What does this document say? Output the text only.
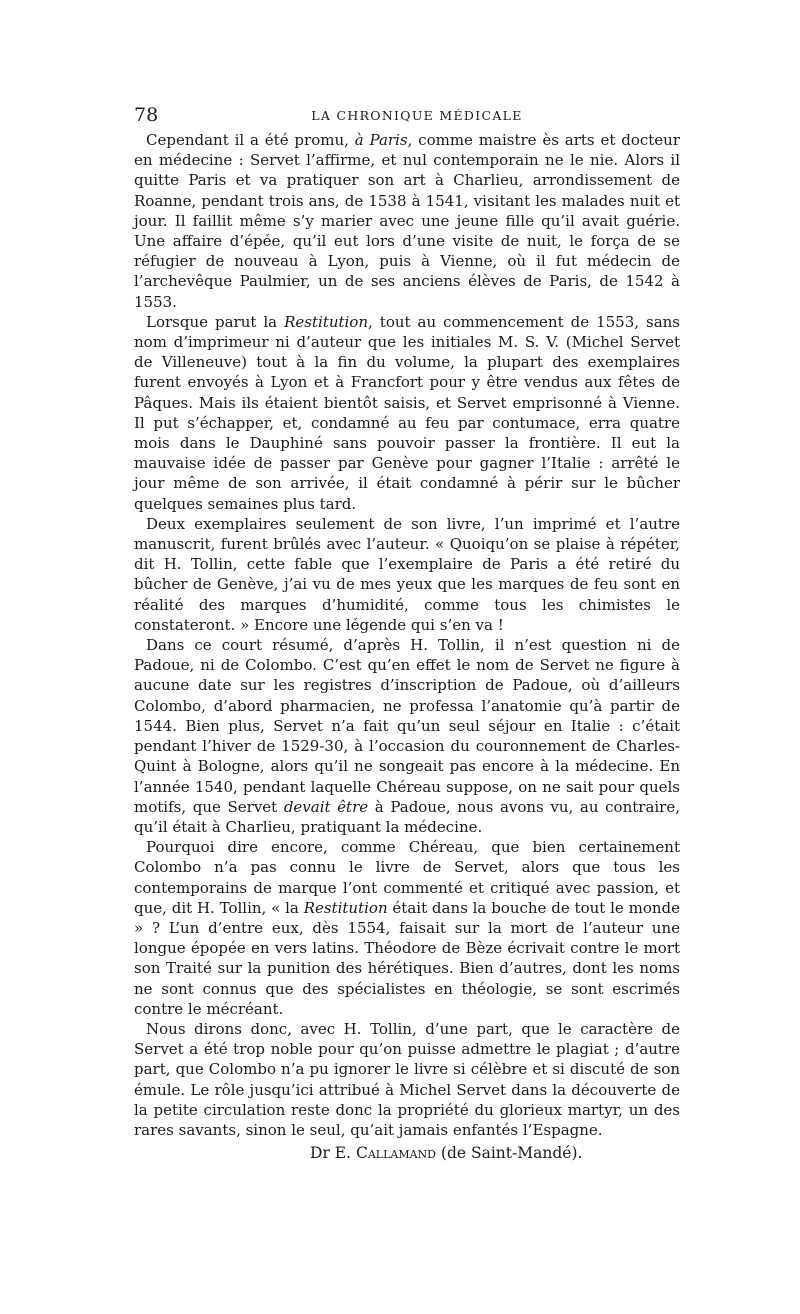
78	LA CHRONIQUE MÉDICALE

Cependant il a été promu, à Paris, comme maistre ès arts et docteur en médecine : Servet l’affirme, et nul contemporain ne le nie. Alors il quitte Paris et va pratiquer son art à Charlieu, arrondissement de Roanne, pendant trois ans, de 1538 à 1541, visitant les malades nuit et jour. Il faillit même s’y marier avec une jeune fille qu’il avait guérie. Une affaire d’épée, qu’il eut lors d’une visite de nuit, le força de se réfugier de nouveau à Lyon, puis à Vienne, où il fut médecin de l’archevêque Paulmier, un de ses anciens élèves de Paris, de 1542 à 1553.

Lorsque parut la Restitution, tout au commencement de 1553, sans nom d’imprimeur ni d’auteur que les initiales M. S. V. (Michel Servet de Villeneuve) tout à la fin du volume, la plupart des exemplaires furent envoyés à Lyon et à Francfort pour y être vendus aux fêtes de Pâques. Mais ils étaient bientôt saisis, et Servet emprisonné à Vienne. Il put s’échapper, et, condamné au feu par contumace, erra quatre mois dans le Dauphiné sans pouvoir passer la frontière. Il eut la mauvaise idée de passer par Genève pour gagner l’Italie : arrêté le jour même de son arrivée, il était condamné à périr sur le bûcher quelques semaines plus tard.

Deux exemplaires seulement de son livre, l’un imprimé et l’autre manuscrit, furent brûlés avec l’auteur. « Quoiqu’on se plaise à répéter, dit H. Tollin, cette fable que l’exemplaire de Paris a été retiré du bûcher de Genève, j’ai vu de mes yeux que les marques de feu sont en réalité des marques d’humidité, comme tous les chimistes le constateront. » Encore une légende qui s’en va !

Dans ce court résumé, d’après H. Tollin, il n’est question ni de Padoue, ni de Colombo. C’est qu’en effet le nom de Servet ne figure à aucune date sur les registres d’inscription de Padoue, où d’ailleurs Colombo, d’abord pharmacien, ne professa l’anatomie qu’à partir de 1544. Bien plus, Servet n’a fait qu’un seul séjour en Italie : c’était pendant l’hiver de 1529-30, à l’occasion du couronnement de Charles-Quint à Bologne, alors qu’il ne songeait pas encore à la médecine. En l’année 1540, pendant laquelle Chéreau suppose, on ne sait pour quels motifs, que Servet devait être à Padoue, nous avons vu, au contraire, qu’il était à Charlieu, pratiquant la médecine.

Pourquoi dire encore, comme Chéreau, que bien certainement Colombo n’a pas connu le livre de Servet, alors que tous les contemporains de marque l’ont commenté et critiqué avec passion, et que, dit H. Tollin, « la Restitution était dans la bouche de tout le monde » ? L’un d’entre eux, dès 1554, faisait sur la mort de l’auteur une longue épopée en vers latins. Théodore de Bèze écrivait contre le mort son Traité sur la punition des hérétiques. Bien d’autres, dont les noms ne sont connus que des spécialistes en théologie, se sont escrimés contre le mécréant.

Nous dirons donc, avec H. Tollin, d’une part, que le caractère de Servet a été trop noble pour qu’on puisse admettre le plagiat ; d’autre part, que Colombo n’a pu ignorer le livre si célèbre et si discuté de son émule. Le rôle jusqu’ici attribué à Michel Servet dans la découverte de la petite circulation reste donc la propriété du glorieux martyr, un des rares savants, sinon le seul, qu’ait jamais enfantés l’Espagne.

Dr E. Callamand (de Saint-Mandé).
